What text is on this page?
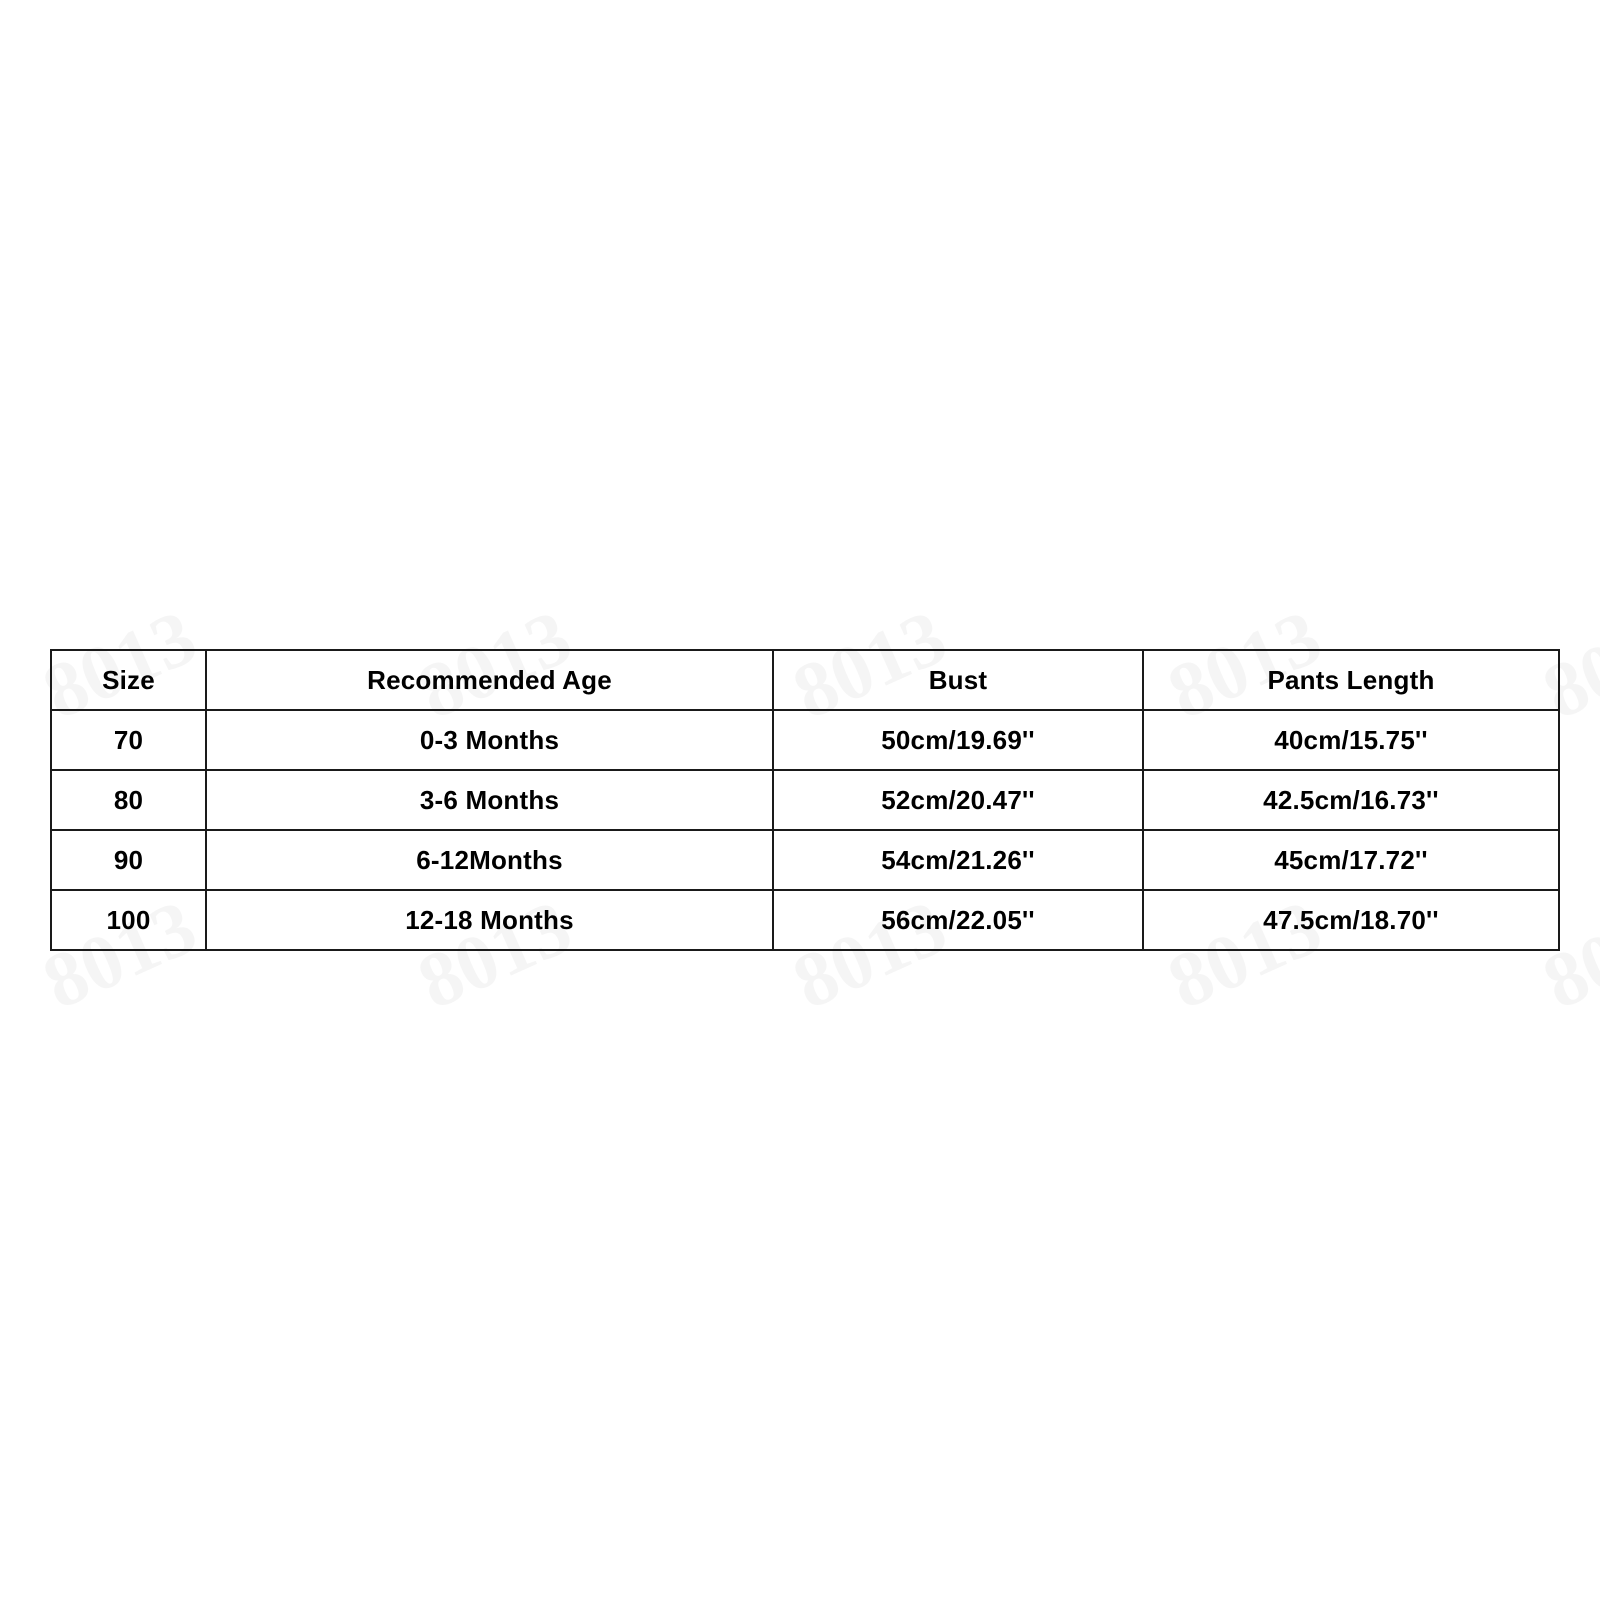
Size	Recommended Age	Bust	Pants Length
70	0-3 Months	50cm/19.69''	40cm/15.75''
80	3-6 Months	52cm/20.47''	42.5cm/16.73''
90	6-12Months	54cm/21.26''	45cm/17.72''
100	12-18 Months	56cm/22.05''	47.5cm/18.70''
